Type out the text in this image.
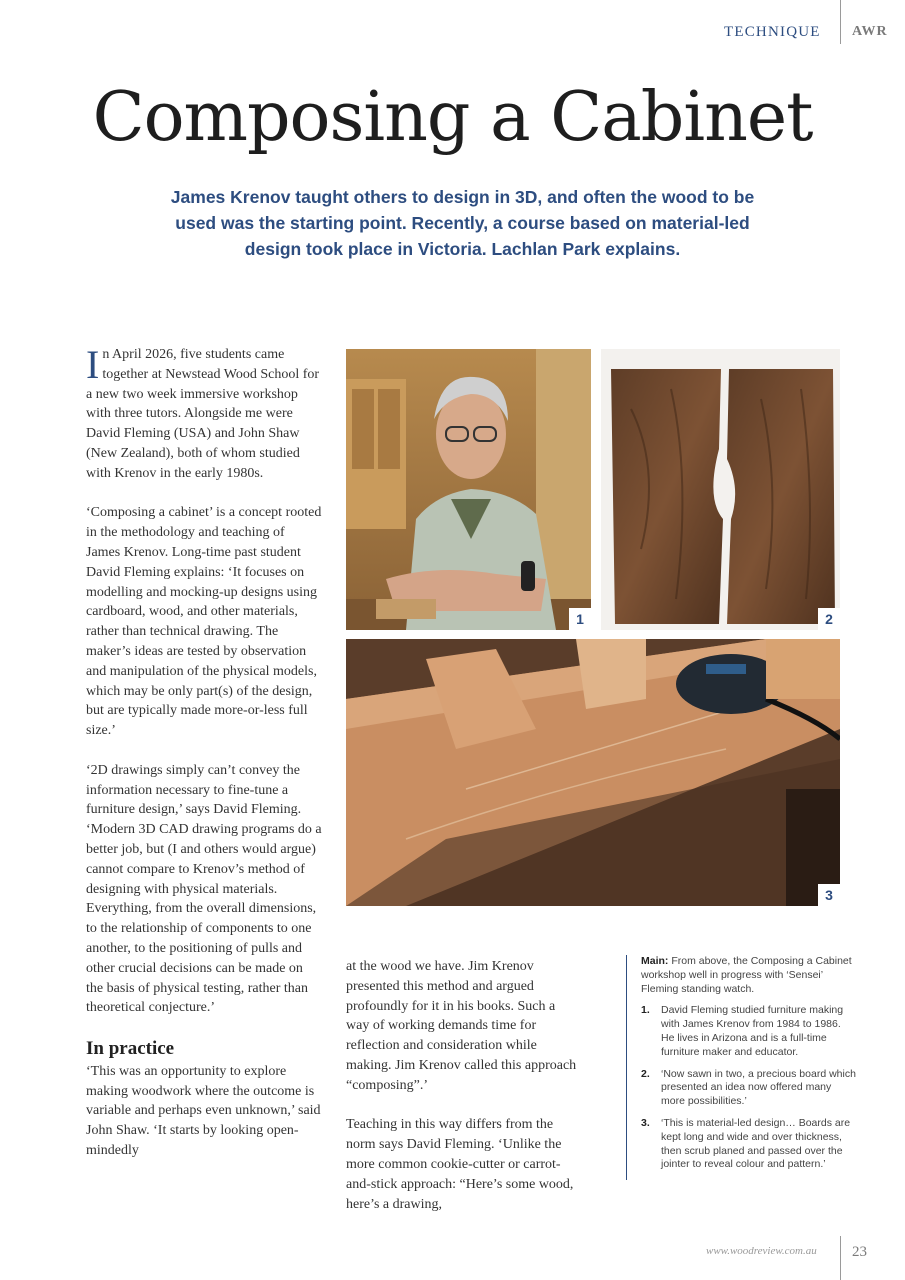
TECHNIQUE AWR
Composing a Cabinet
James Krenov taught others to design in 3D, and often the wood to be used was the starting point. Recently, a course based on material-led design took place in Victoria. Lachlan Park explains.

In April 2026, five students came together at Newstead Wood School for a new two week immersive workshop with three tutors. Alongside me were David Fleming (USA) and John Shaw (New Zealand), both of whom studied with Krenov in the early 1980s.

‘Composing a cabinet’ is a concept rooted in the methodology and teaching of James Krenov. Long-time past student David Fleming explains: ‘It focuses on modelling and mocking-up designs using cardboard, wood, and other materials, rather than technical drawing. The maker’s ideas are tested by observation and manipulation of the physical models, which may be only part(s) of the design, but are typically made more-or-less full size.’

‘2D drawings simply can’t convey the information necessary to fine-tune a furniture design,’ says David Fleming. ‘Modern 3D CAD drawing programs do a better job, but (I and others would argue) cannot compare to Krenov’s method of designing with physical materials. Everything, from the overall dimensions, to the relationship of components to one another, to the positioning of pulls and other crucial decisions can be made on the basis of physical testing, rather than theoretical conjecture.’

In practice

‘This was an opportunity to explore making woodwork where the outcome is variable and perhaps even unknown,’ said John Shaw. ‘It starts by looking open-mindedly

at the wood we have. Jim Krenov presented this method and argued profoundly for it in his books. Such a way of working demands time for reflection and consideration while making. Jim Krenov called this approach “composing”.’

Teaching in this way differs from the norm says David Fleming. ‘Unlike the more common cookie-cutter or carrot-and-stick approach: “Here’s some wood, here’s a drawing,

1	2
3

Main: From above, the Composing a Cabinet workshop well in progress with ‘Sensei’ Fleming standing watch.

1. David Fleming studied furniture making with James Krenov from 1984 to 1986. He lives in Arizona and is a full-time furniture maker and educator.
2. ‘Now sawn in two, a precious board which presented an idea now offered many more possibilities.’
3. ‘This is material-led design… Boards are kept long and wide and over thickness, then scrub planed and passed over the jointer to reveal colour and pattern.’
www.woodreview.com.au 23
